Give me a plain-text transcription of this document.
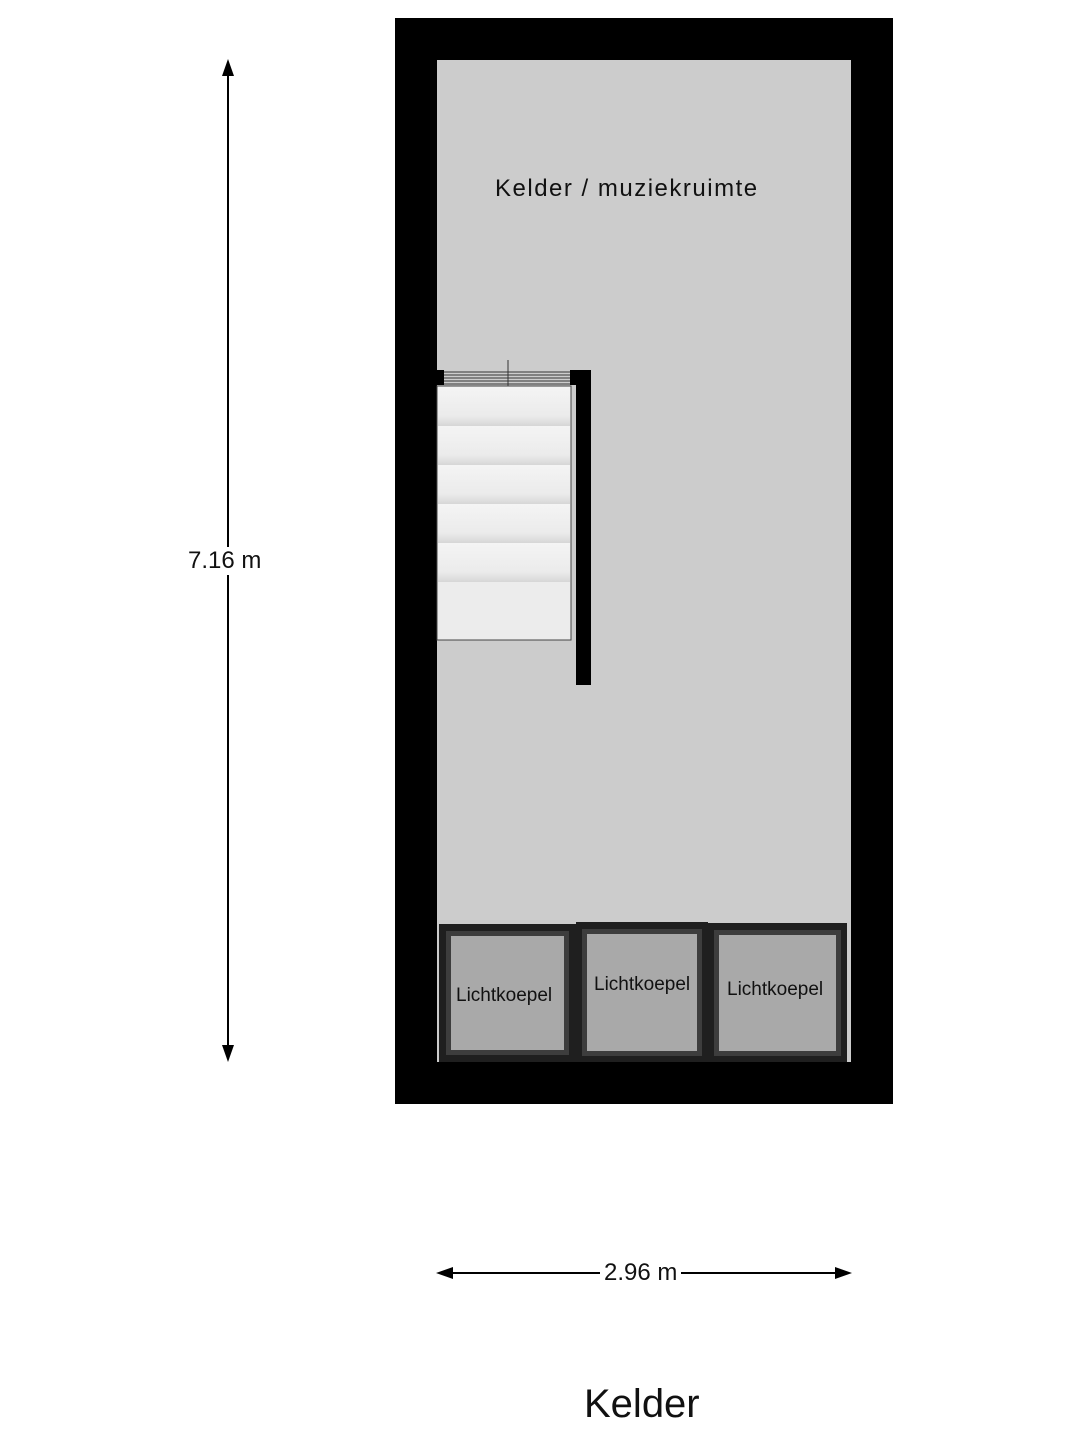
Kelder / muziekruimte
7.16 m
2.96 m
Lichtkoepel
Lichtkoepel Lichtkoepel
Kelder
